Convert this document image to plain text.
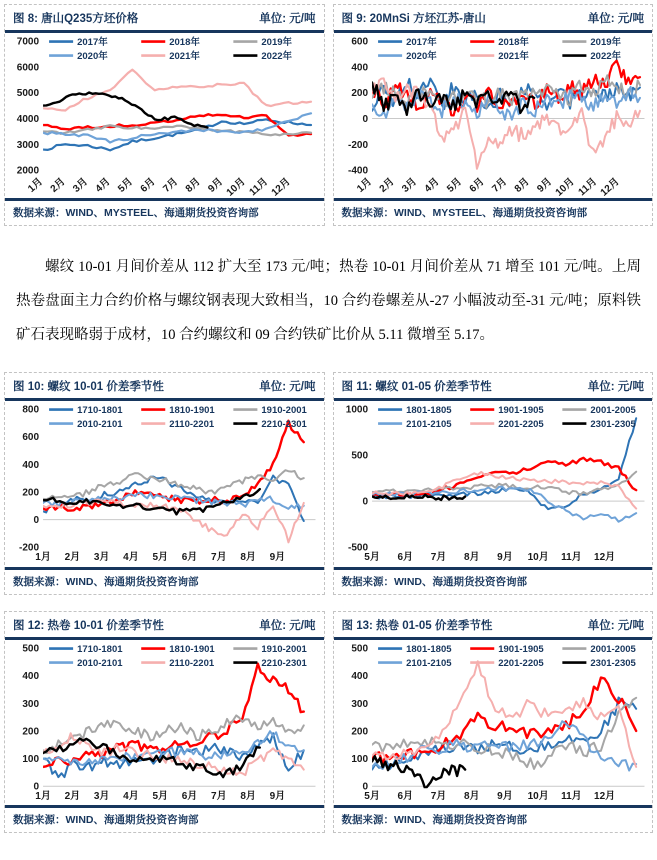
图 8: 唐山Q235方坯价格	单位: 元/吨
7000
6000
5000
4000
3000
2000
1月 2月 3月 4月 5月 6月 7月 8月 9月 10月 11月 12月
2017年	2018年	2019年
2020年	2021年	2022年
数据来源：WIND、MYSTEEL、海通期货投资咨询部
图 9: 20MnSi 方坯江苏-唐山	单位: 元/吨
600
400
200
0
-200
-400
1月 2月 3月 4月 5月 6月 7月 8月 9月 10月 11月 12月
2017年	2018年	2019年
2020年	2021年	2022年
数据来源：WIND、MYSTEEL、海通期货投资咨询部

螺纹 10-01 月间价差从 112 扩大至 173 元/吨；热卷 10-01 月间价差从 71 增至 101 元/吨。上周热卷盘面主力合约价格与螺纹钢表现大致相当，10 合约卷螺差从-27 小幅波动至-31 元/吨；原料铁矿石表现略弱于成材，10 合约螺纹和 09 合约铁矿比价从 5.11 微增至 5.17。

图 10: 螺纹 10-01 价差季节性	单位: 元/吨
800
600
400
200
0
-200
1月 2月 3月 4月 5月 6月 7月 8月 9月
1710-1801	1810-1901	1910-2001
2010-2101	2110-2201	2210-2301
数据来源：WIND、海通期货投资咨询部
图 11: 螺纹 01-05 价差季节性	单位: 元/吨
1000
500
0
-500
5月 6月 7月 8月 9月 10月 11月 12月
1801-1805	1901-1905	2001-2005
2101-2105	2201-2205	2301-2305
数据来源：WIND、海通期货投资咨询部
图 12: 热卷 10-01 价差季节性	单位: 元/吨
500
400
300
200
100
0
1月 2月 3月 4月 5月 6月 7月 8月 9月
1710-1801	1810-1901	1910-2001
2010-2101	2110-2201	2210-2301
数据来源：WIND、海通期货投资咨询部
图 13: 热卷 01-05 价差季节性	单位: 元/吨
500
400
300
200
100
0
5月 6月 7月 8月 9月 10月 11月 12月
1801-1805	1901-1905	2001-2005
2101-2105	2201-2205	2301-2305
数据来源：WIND、海通期货投资咨询部
